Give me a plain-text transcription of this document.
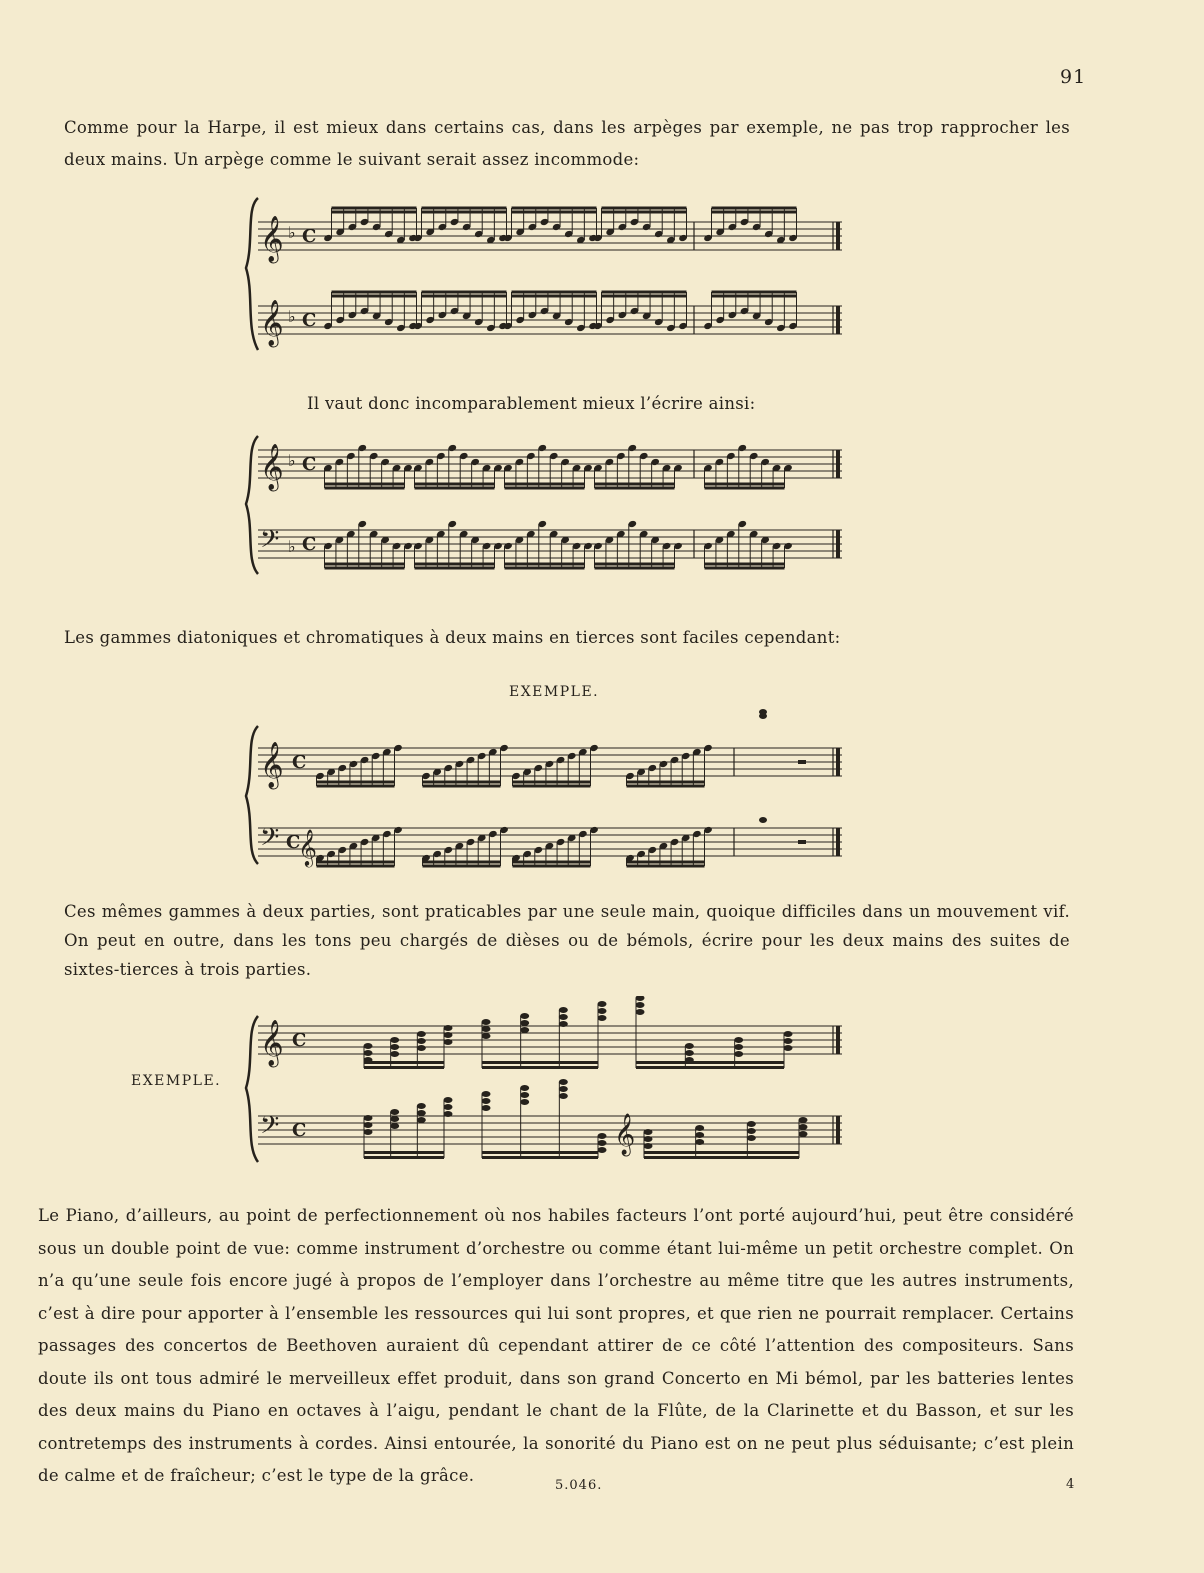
91

Comme pour la Harpe, il est mieux dans certains cas, dans les arpèges par exemple, ne pas trop rapprocher les deux mains. Un arpège comme le suivant serait assez incommode:

𝄞 ♭ C
𝄞 ♭ C

Il vaut donc incomparablement mieux l’écrire ainsi:

𝄞 ♭ C
𝄢 ♭ C

Les gammes diatoniques et chromatiques à deux mains en tierces sont faciles cependant:

EXEMPLE.
𝄞 C
𝄢 C
𝄞

Ces mêmes gammes à deux parties, sont praticables par une seule main, quoique difficiles dans un mouvement vif. On peut en outre, dans les tons peu chargés de dièses ou de bémols, écrire pour les deux mains des suites de sixtes-tierces à trois parties.

EXEMPLE.
𝄞 C
𝄢 C	𝄞

Le Piano, d’ailleurs, au point de perfectionnement où nos habiles facteurs l’ont porté aujourd’hui, peut être considéré sous un double point de vue: comme instrument d’orchestre ou comme étant lui-même un petit orchestre complet. On n’a qu’une seule fois encore jugé à propos de l’employer dans l’orchestre au même titre que les autres instruments, c’est à dire pour apporter à l’ensemble les ressources qui lui sont propres, et que rien ne pourrait remplacer. Certains passages des concertos de Beethoven auraient dû cependant attirer de ce côté l’attention des compositeurs. Sans doute ils ont tous admiré le merveilleux effet produit, dans son grand Concerto en Mi bémol, par les batteries lentes des deux mains du Piano en octaves à l’aigu, pendant le chant de la Flûte, de la Clarinette et du Basson, et sur les contretemps des instruments à cordes. Ainsi entourée, la sonorité du Piano est on ne peut plus séduisante; c’est plein de calme et de fraîcheur; c’est le type de la grâce.

5.046.	4
